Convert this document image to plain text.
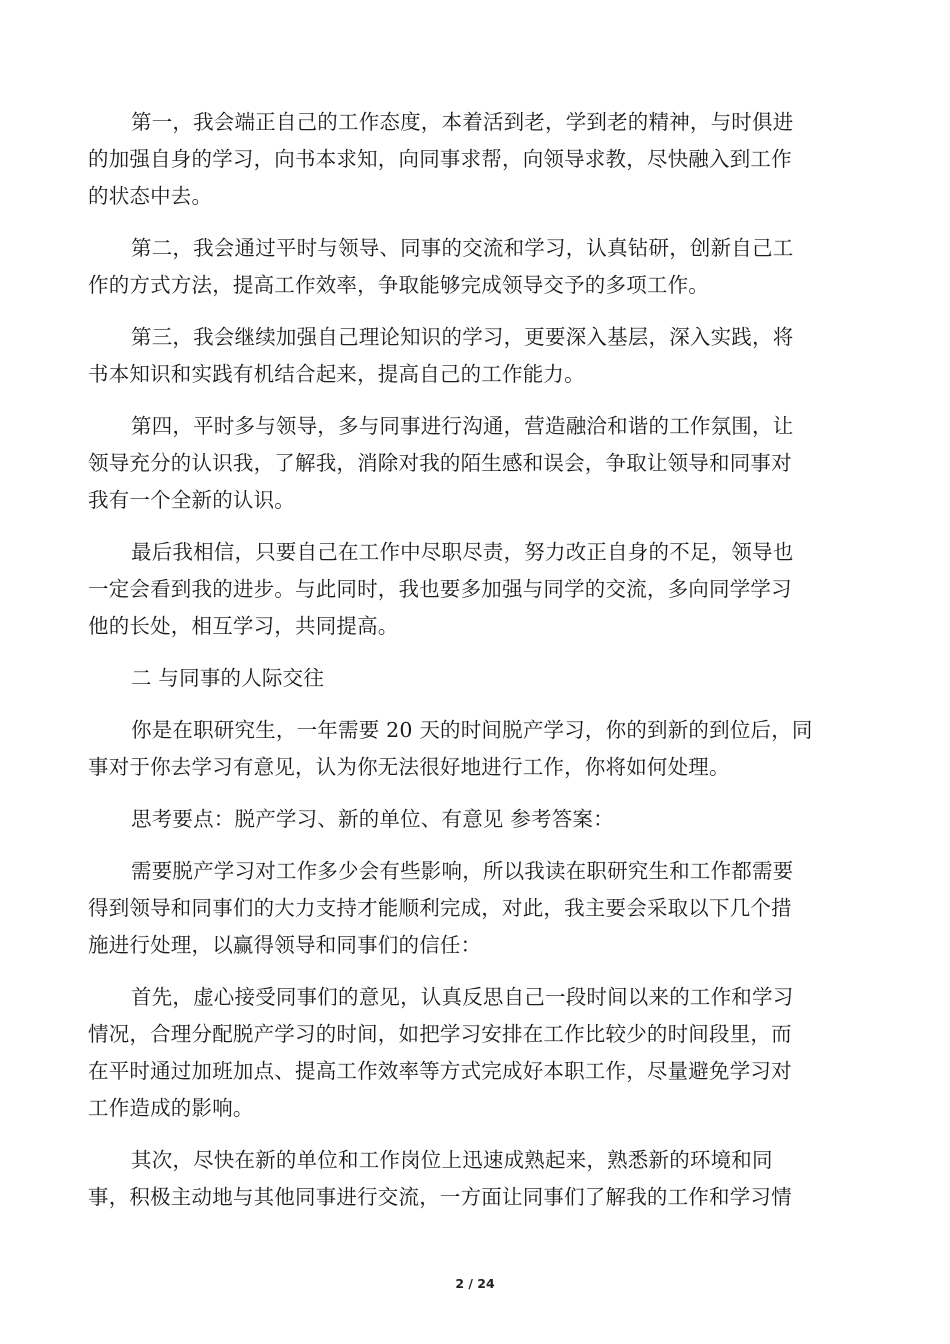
第一，我会端正自己的工作态度，本着活到老，学到老的精神，与时俱进
的加强自身的学习，向书本求知，向同事求帮，向领导求教，尽快融入到工作
的状态中去。

第二，我会通过平时与领导、同事的交流和学习，认真钻研，创新自己工
作的方式方法，提高工作效率，争取能够完成领导交予的多项工作。

第三，我会继续加强自己理论知识的学习，更要深入基层，深入实践，将
书本知识和实践有机结合起来，提高自己的工作能力。

第四，平时多与领导，多与同事进行沟通，营造融洽和谐的工作氛围，让
领导充分的认识我，了解我，消除对我的陌生感和误会，争取让领导和同事对
我有一个全新的认识。

最后我相信，只要自己在工作中尽职尽责，努力改正自身的不足，领导也
一定会看到我的进步。与此同时，我也要多加强与同学的交流，多向同学学习
他的长处，相互学习，共同提高。

二 与同事的人际交往

你是在职研究生，一年需要 20 天的时间脱产学习，你的到新的到位后，同
事对于你去学习有意见，认为你无法很好地进行工作，你将如何处理。

思考要点：脱产学习、新的单位、有意见 参考答案：

需要脱产学习对工作多少会有些影响，所以我读在职研究生和工作都需要
得到领导和同事们的大力支持才能顺利完成，对此，我主要会采取以下几个措
施进行处理，以赢得领导和同事们的信任：

首先，虚心接受同事们的意见，认真反思自己一段时间以来的工作和学习
情况，合理分配脱产学习的时间，如把学习安排在工作比较少的时间段里，而
在平时通过加班加点、提高工作效率等方式完成好本职工作，尽量避免学习对
工作造成的影响。

其次，尽快在新的单位和工作岗位上迅速成熟起来，熟悉新的环境和同
事，积极主动地与其他同事进行交流，一方面让同事们了解我的工作和学习情

2 / 24
